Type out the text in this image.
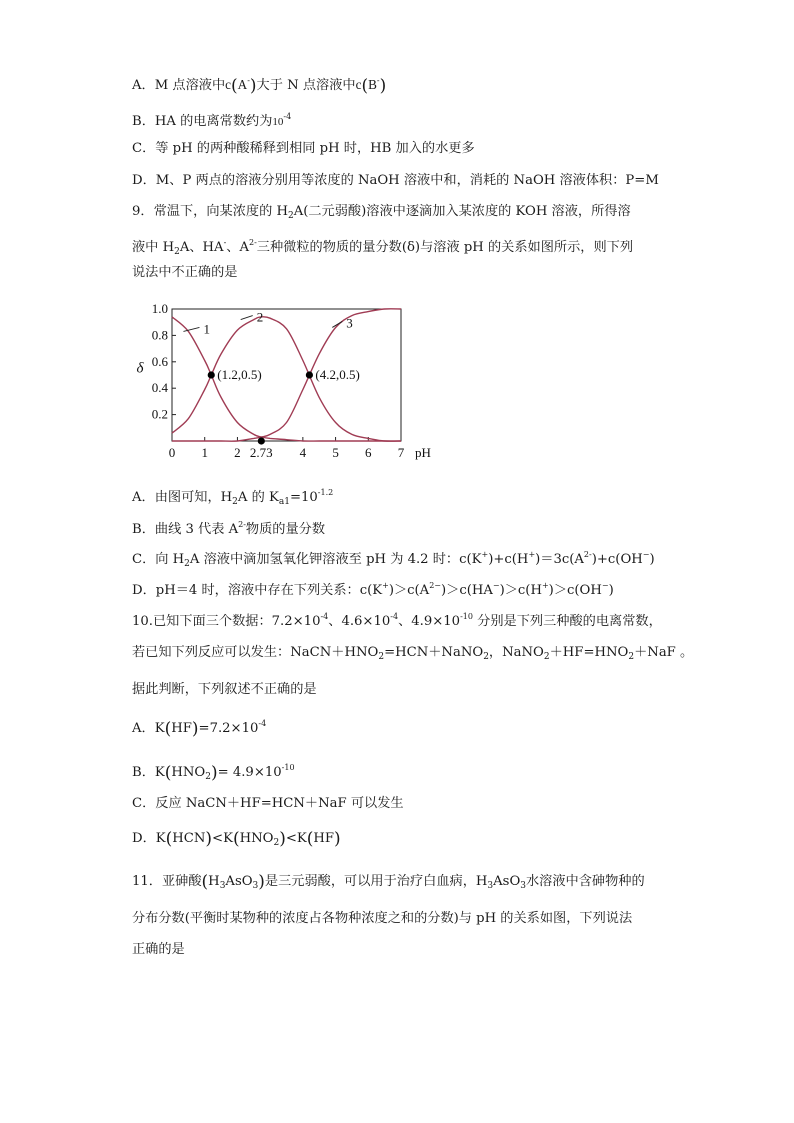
A．M 点溶液中c(A-)大于 N 点溶液中c(B-)
B．HA 的电离常数约为$10^{-4}$
C．等 pH 的两种酸稀释到相同 pH 时，HB 加入的水更多
D．M、P 两点的溶液分别用等浓度的 NaOH 溶液中和，消耗的 NaOH 溶液体积：P=M
9．常温下，向某浓度的 $H_2A$(二元弱酸)溶液中逐滴加入某浓度的 KOH 溶液，所得溶
液中 $H_2A$、HA-、$A^{2-}$三种微粒的物质的量分数(δ)与溶液 pH 的关系如图所示，则下列
说法中不正确的是
0 1 2 2.73 4 5 6 7 pH
0.2
0.4
0.6
0.8
1.0
δ
1
2	3
(1.2,0.5)	(4.2,0.5)
A．由图可知，$H_2A$ 的 $K_{a1}=10^{-1.2}$
B．曲线 3 代表 $A^{2-}$物质的量分数
C．向 $H_2A$ 溶液中滴加氢氧化钾溶液至 pH 为 4.2 时：$c(K^+)+c(H^+)=3c(A^{2-})+c(OH^-)$
D．pH＝4 时，溶液中存在下列关系：$c(K^+)>c(A^{2-})>c(HA^-)>c(H^+)>c(OH^-)$
10.已知下面三个数据：$7.2\times 10^{-4}$、$4.6\times 10^{-4}$、$4.9\times 10^{-10}$ 分别是下列三种酸的电离常数，
若已知下列反应可以发生：$NaCN+HNO_2=HCN+NaNO_2$，$NaNO_2+HF=HNO_2+NaF$ 。
据此判断，下列叙述不正确的是
A．$K(HF)=7.2\times 10^{-4}$
B．$K(HNO_2)= 4.9\times 10^{-10}$
C．反应 NaCN＋HF=HCN＋NaF 可以发生
D．$K(HCN)<K(HNO_2)<K(HF)$
11．亚砷酸$(H_3AsO_3)$是三元弱酸，可以用于治疗白血病，$H_3AsO_3$水溶液中含砷物种的
分布分数(平衡时某物种的浓度占各物种浓度之和的分数)与 pH 的关系如图，下列说法
正确的是
